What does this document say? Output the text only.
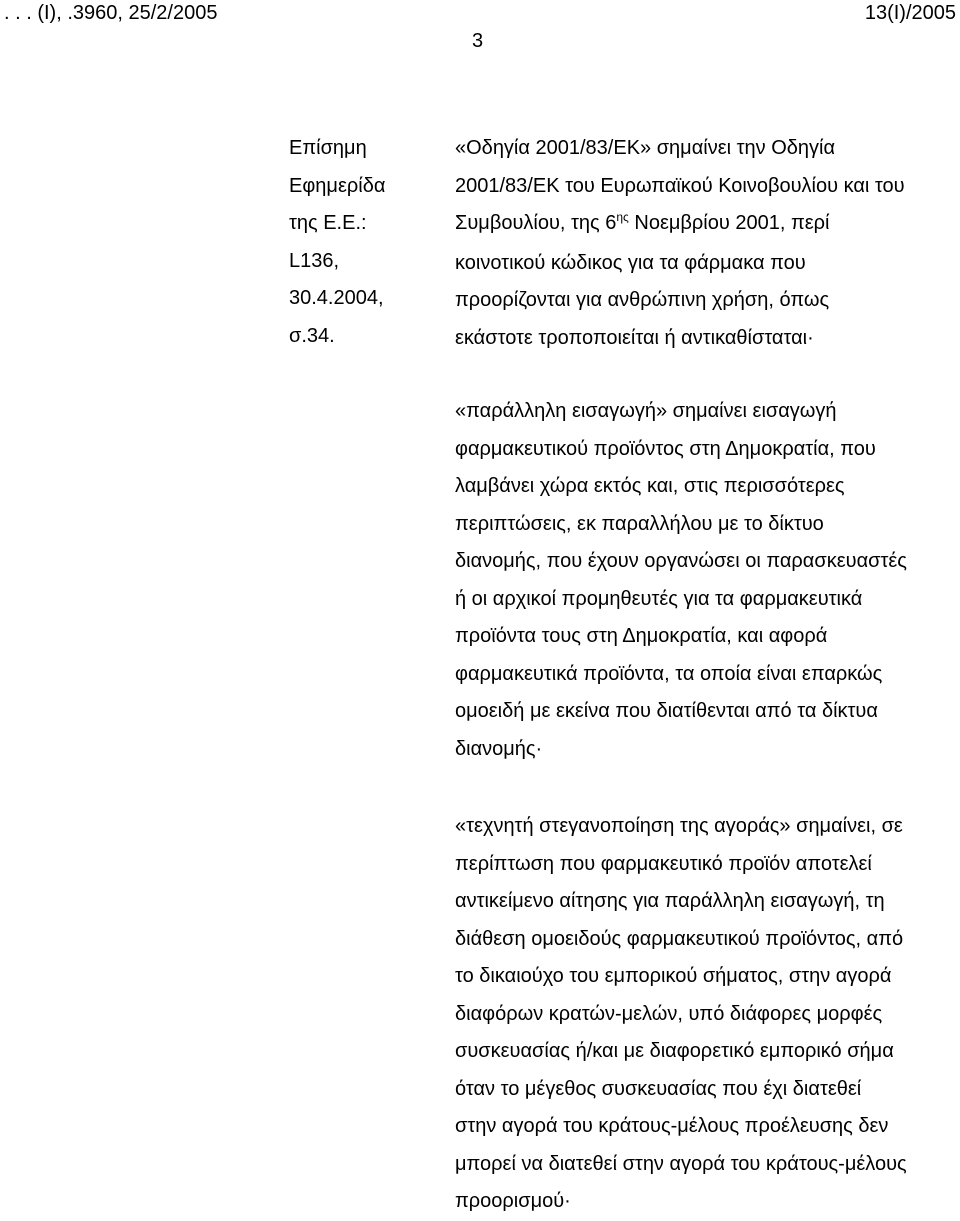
. . . (Ι), .3960, 25/2/2005	13(Ι)/2005
3
Επίσημη
Εφημερίδα
της Ε.Ε.:
L136,
30.4.2004,
σ.34.
«Οδηγία 2001/83/ΕΚ» σημαίνει την Οδηγία
2001/83/ΕΚ του Ευρωπαϊκού Κοινοβουλίου και του
Συμβουλίου, της $6^{\eta\varsigma}$ Νοεμβρίου 2001, περί
κοινοτικού κώδικος για τα φάρμακα που
προορίζονται για ανθρώπινη χρήση, όπως
εκάστοτε τροποποιείται ή αντικαθίσταται·
«παράλληλη εισαγωγή» σημαίνει εισαγωγή
φαρμακευτικού προϊόντος στη Δημοκρατία, που
λαμβάνει χώρα εκτός και, στις περισσότερες
περιπτώσεις, εκ παραλλήλου με το δίκτυο
διανομής, που έχουν οργανώσει οι παρασκευαστές
ή οι αρχικοί προμηθευτές για τα φαρμακευτικά
προϊόντα τους στη Δημοκρατία, και αφορά
φαρμακευτικά προϊόντα, τα οποία είναι επαρκώς
ομοειδή με εκείνα που διατίθενται από τα δίκτυα
διανομής·
«τεχνητή στεγανοποίηση της αγοράς» σημαίνει, σε
περίπτωση που φαρμακευτικό προϊόν αποτελεί
αντικείμενο αίτησης για παράλληλη εισαγωγή, τη
διάθεση ομοειδούς φαρμακευτικού προϊόντος, από
το δικαιούχο του εμπορικού σήματος, στην αγορά
διαφόρων κρατών-μελών, υπό διάφορες μορφές
συσκευασίας ή/και με διαφορετικό εμπορικό σήμα
όταν το μέγεθος συσκευασίας που έχι διατεθεί
στην αγορά του κράτους-μέλους προέλευσης δεν
μπορεί να διατεθεί στην αγορά του κράτους-μέλους
προορισμού·
